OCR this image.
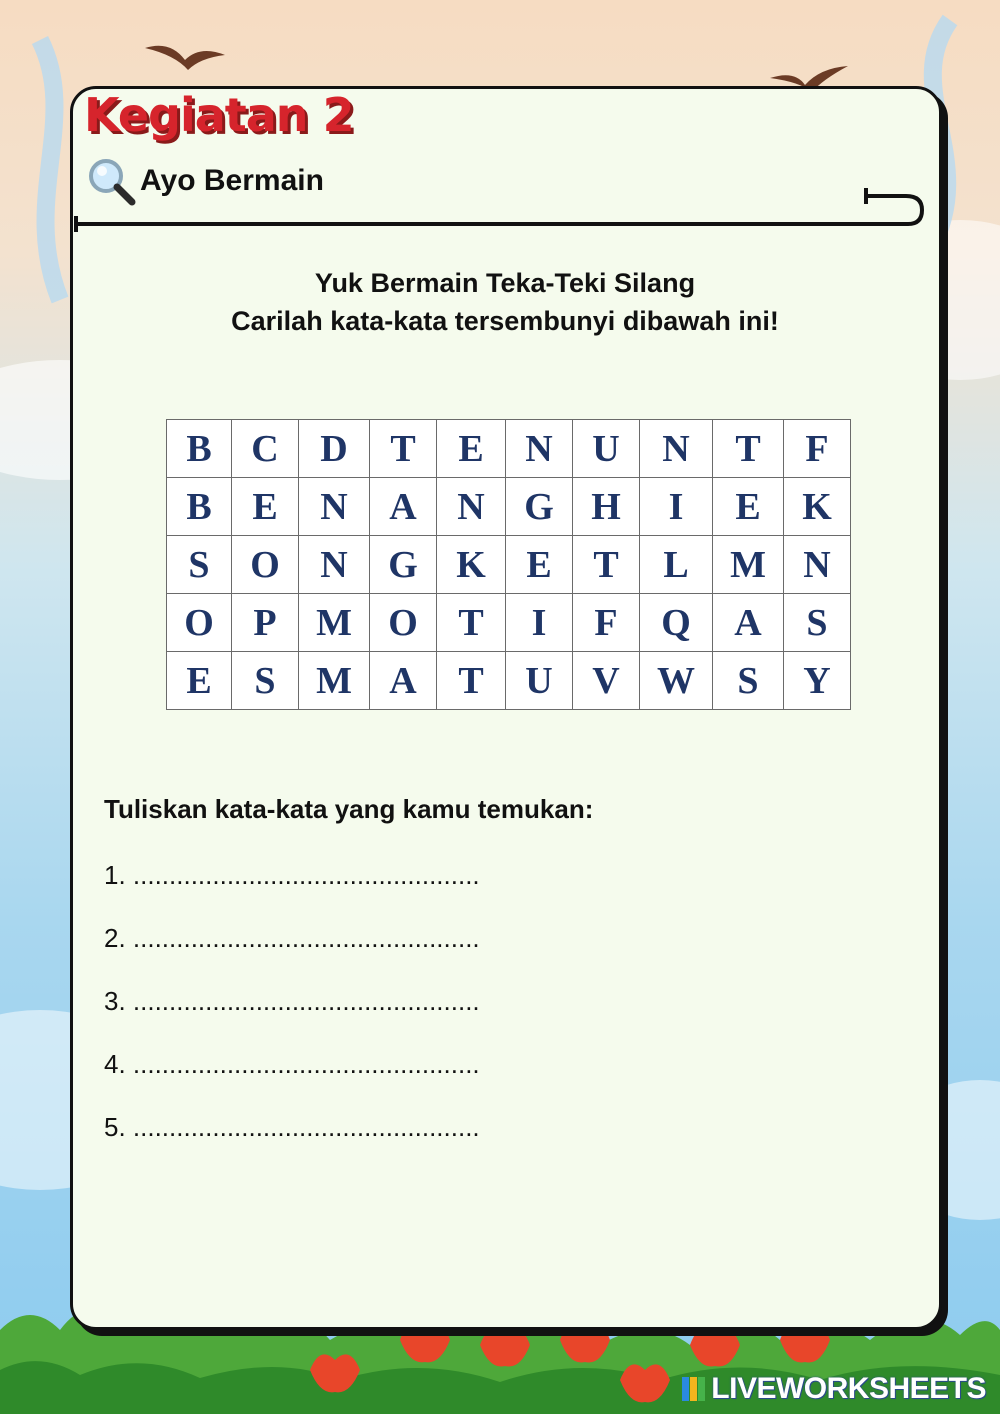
Kegiatan 2
Ayo Bermain
Yuk Bermain Teka-Teki Silang
Carilah kata-kata tersembunyi dibawah ini!
B	C	D	T	E	N	U	N	T	F
B	E	N	A	N	G	H	I	E	K
S	O	N	G	K	E	T	L	M	N
O	P	M	O	T	I	F	Q	A	S
E	S	M	A	T	U	V	W	S	Y
Tuliskan kata-kata yang kamu temukan:
1. ................................................
2. ................................................
3. ................................................
4. ................................................
5. ................................................
LIVEWORKSHEETS
